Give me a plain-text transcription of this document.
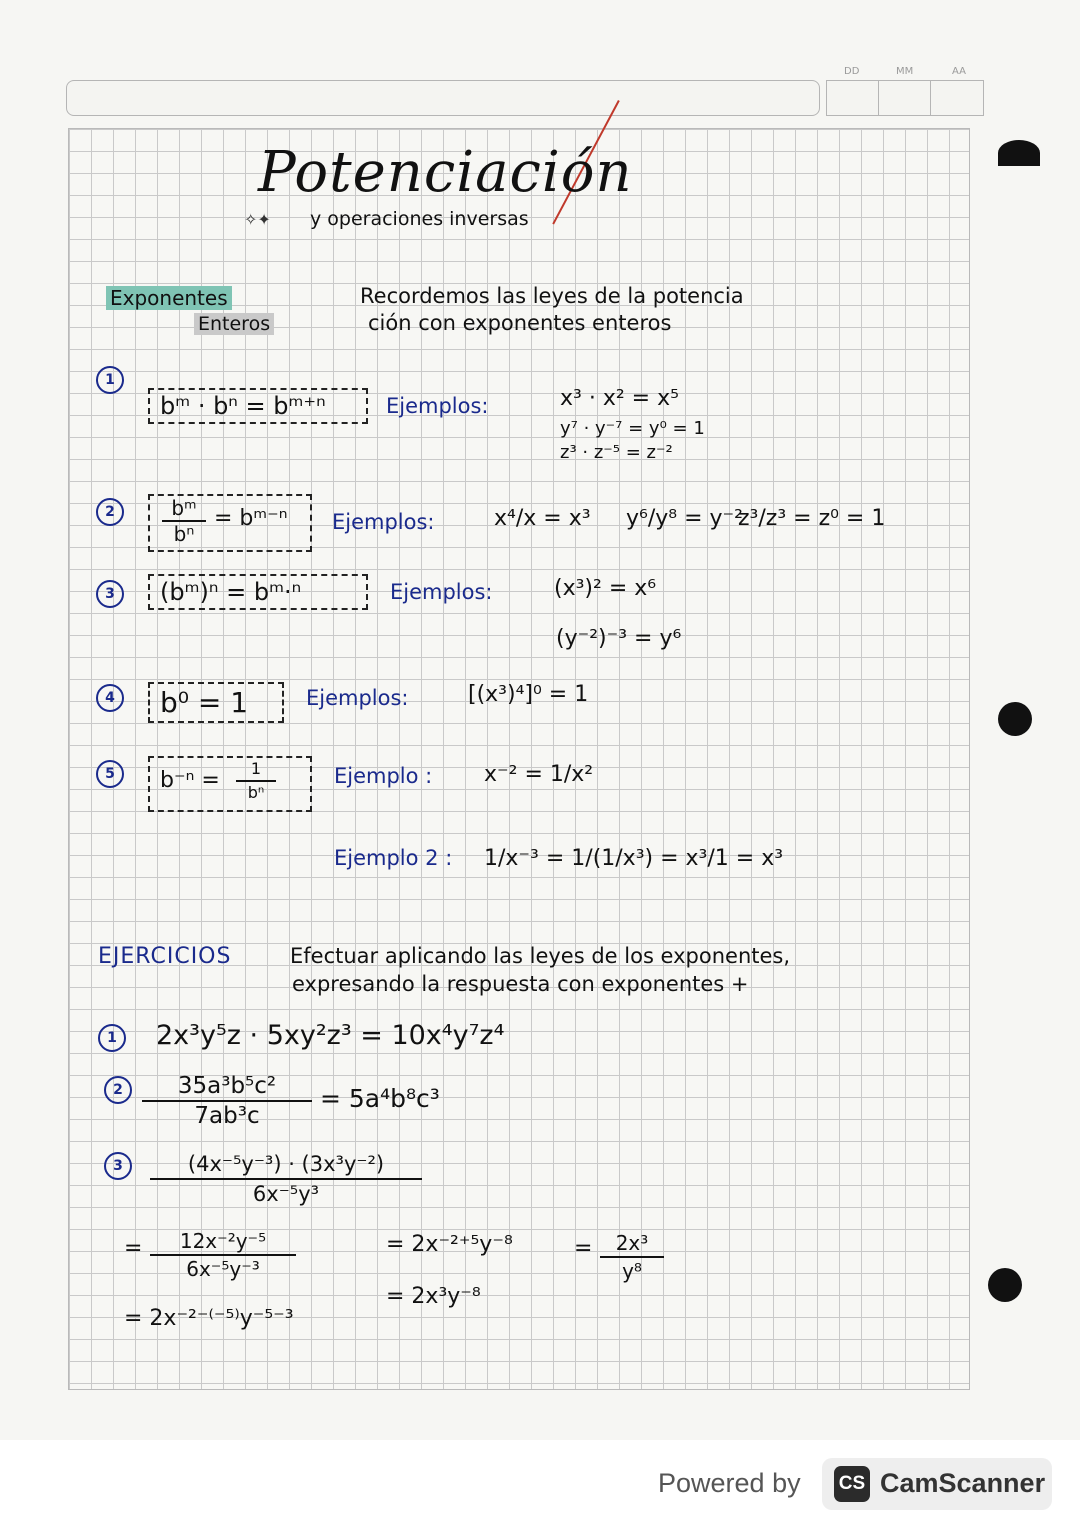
DD	MM	AA
Potenciación
✧✦ y operaciones inversas
Exponentes
Enteros
Recordemos las leyes de la potencia
ción con exponentes enteros
1
bᵐ · bⁿ = bᵐ⁺ⁿ	Ejemplos:	x³ · x² = x⁵
y⁷ · y⁻⁷ = y⁰ = 1
z³ · z⁻⁵ = z⁻²
2	$\frac{\text{bᵐ}}{\text{bⁿ}}$ = bᵐ⁻ⁿ Ejemplos:	x⁴/x = x³ y⁶/y⁸ = y⁻²
z³/z³ = z⁰ = 1
3	(bᵐ)ⁿ = bᵐ·ⁿ	Ejemplos:	(x³)² = x⁶
(y⁻²)⁻³ = y⁶
4	b⁰ = 1	Ejemplos:	[(x³)⁴]⁰ = 1
5	$b^{-n} = \frac{1}{\text{bⁿ}}$	Ejemplo : x⁻² = 1/x²
Ejemplo 2 : 1/x⁻³ = 1/(1/x³) = x³/1 = x³
EJERCICIOS	Efectuar aplicando las leyes de los exponentes,
expresando la respuesta con exponentes +
1	2x³y⁵z · 5xy²z³ = 10x⁴y⁷z⁴
$2 \frac{\text{35a³b⁵c²}}{\text{7ab³c}} = 5a^4b^8c^3$
3	$\frac{\text{(4x⁻⁵y⁻³) · (3x³y⁻²)}}{\text{6x⁻⁵y³}}$
= $\frac{\text{12x⁻²y⁻⁵}}{\text{6x⁻⁵y⁻³}}$	= 2x⁻²⁺⁵y⁻⁸	= $\frac{\text{2x³}}{\text{y⁸}}$
= 2x⁻²⁻⁽⁻⁵⁾y⁻⁵⁻³
= 2x³y⁻⁸
Powered by CS CamScanner
